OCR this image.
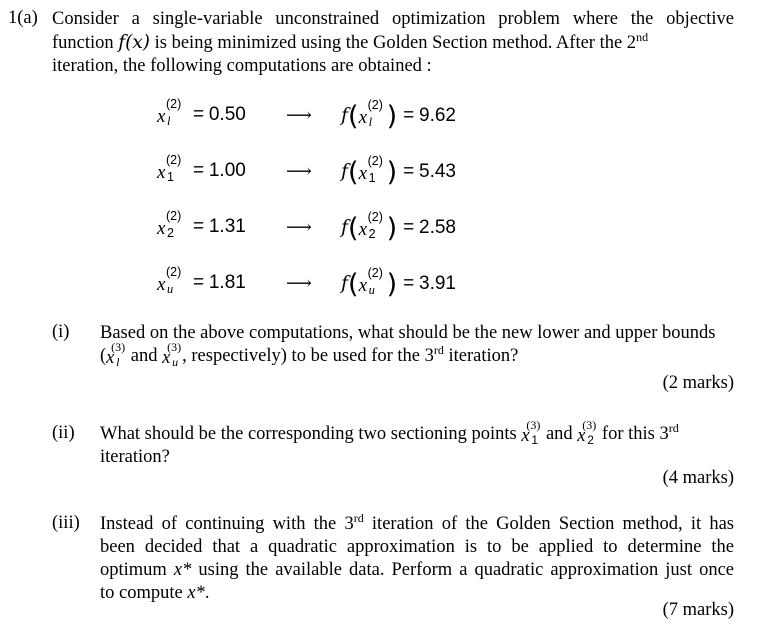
1(a) Consider a single-variable unconstrained optimization problem where the objective
function f(x) is being minimized using the Golden Section method. After the 2nd
iteration, the following computations are obtained :
x
(2)
l = 0.50 ⟶ f(x
(2)
l ) = 9.62
x
(2)
1 = 1.00 ⟶ f(x
(2)
1 ) = 5.43
x
(2)
2 = 1.31 ⟶ f(x
(2)
2 ) = 2.58
x
(2)
u = 1.81 ⟶ f(x
(2)
u ) = 3.91
(i) Based on the above computations, what should be the new lower and upper bounds
(x
(3)
l and x
(3)
u , respectively) to be used for the 3rd iteration?
(2 marks)
(ii) What should be the corresponding two sectioning points x
(3)
1 and x
(3)
2 for this 3rd
iteration?
(4 marks)
(iii) Instead of continuing with the 3rd iteration of the Golden Section method, it has
been decided that a quadratic approximation is to be applied to determine the
optimum x* using the available data. Perform a quadratic approximation just once
to compute x*.
(7 marks)
